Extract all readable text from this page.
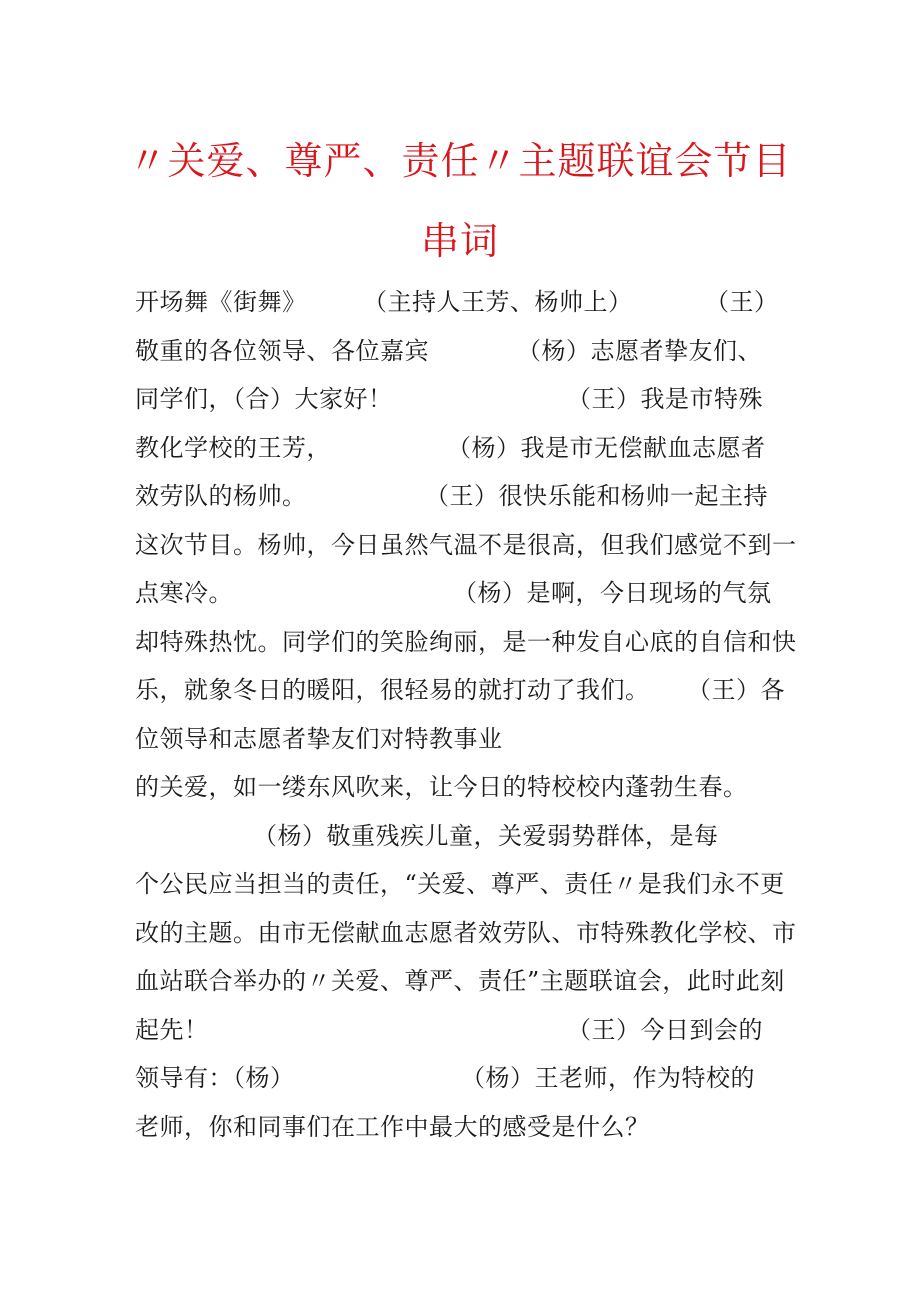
〃关爱、尊严、责任〃主题联谊会节目
串词
开场舞《街舞》 （主持人王芳、杨帅上）	（王）
敬重的各位领导、各位嘉宾	（杨）志愿者挚友们、
同学们，（合）大家好！	（王）我是市特殊
教化学校的王芳，	（杨）我是市无偿献血志愿者
效劳队的杨帅。	（王）很快乐能和杨帅一起主持
这次节目。杨帅，今日虽然气温不是很高，但我们感觉不到一
点寒冷。	（杨）是啊，今日现场的气氛
却特殊热忱。同学们的笑脸绚丽，是一种发自心底的自信和快
乐，就象冬日的暖阳，很轻易的就打动了我们。 （王）各
位领导和志愿者挚友们对特教事业
的关爱，如一缕东风吹来，让今日的特校校内蓬勃生春。
（杨）敬重残疾儿童，关爱弱势群体，是每
个公民应当担当的责任，“关爱、尊严、责任〃是我们永不更
改的主题。由市无偿献血志愿者效劳队、市特殊教化学校、市
血站联合举办的〃关爱、尊严、责任”主题联谊会，此时此刻
起先！	（王）今日到会的
领导有：（杨）	（杨）王老师，作为特校的
老师，你和同事们在工作中最大的感受是什么？
